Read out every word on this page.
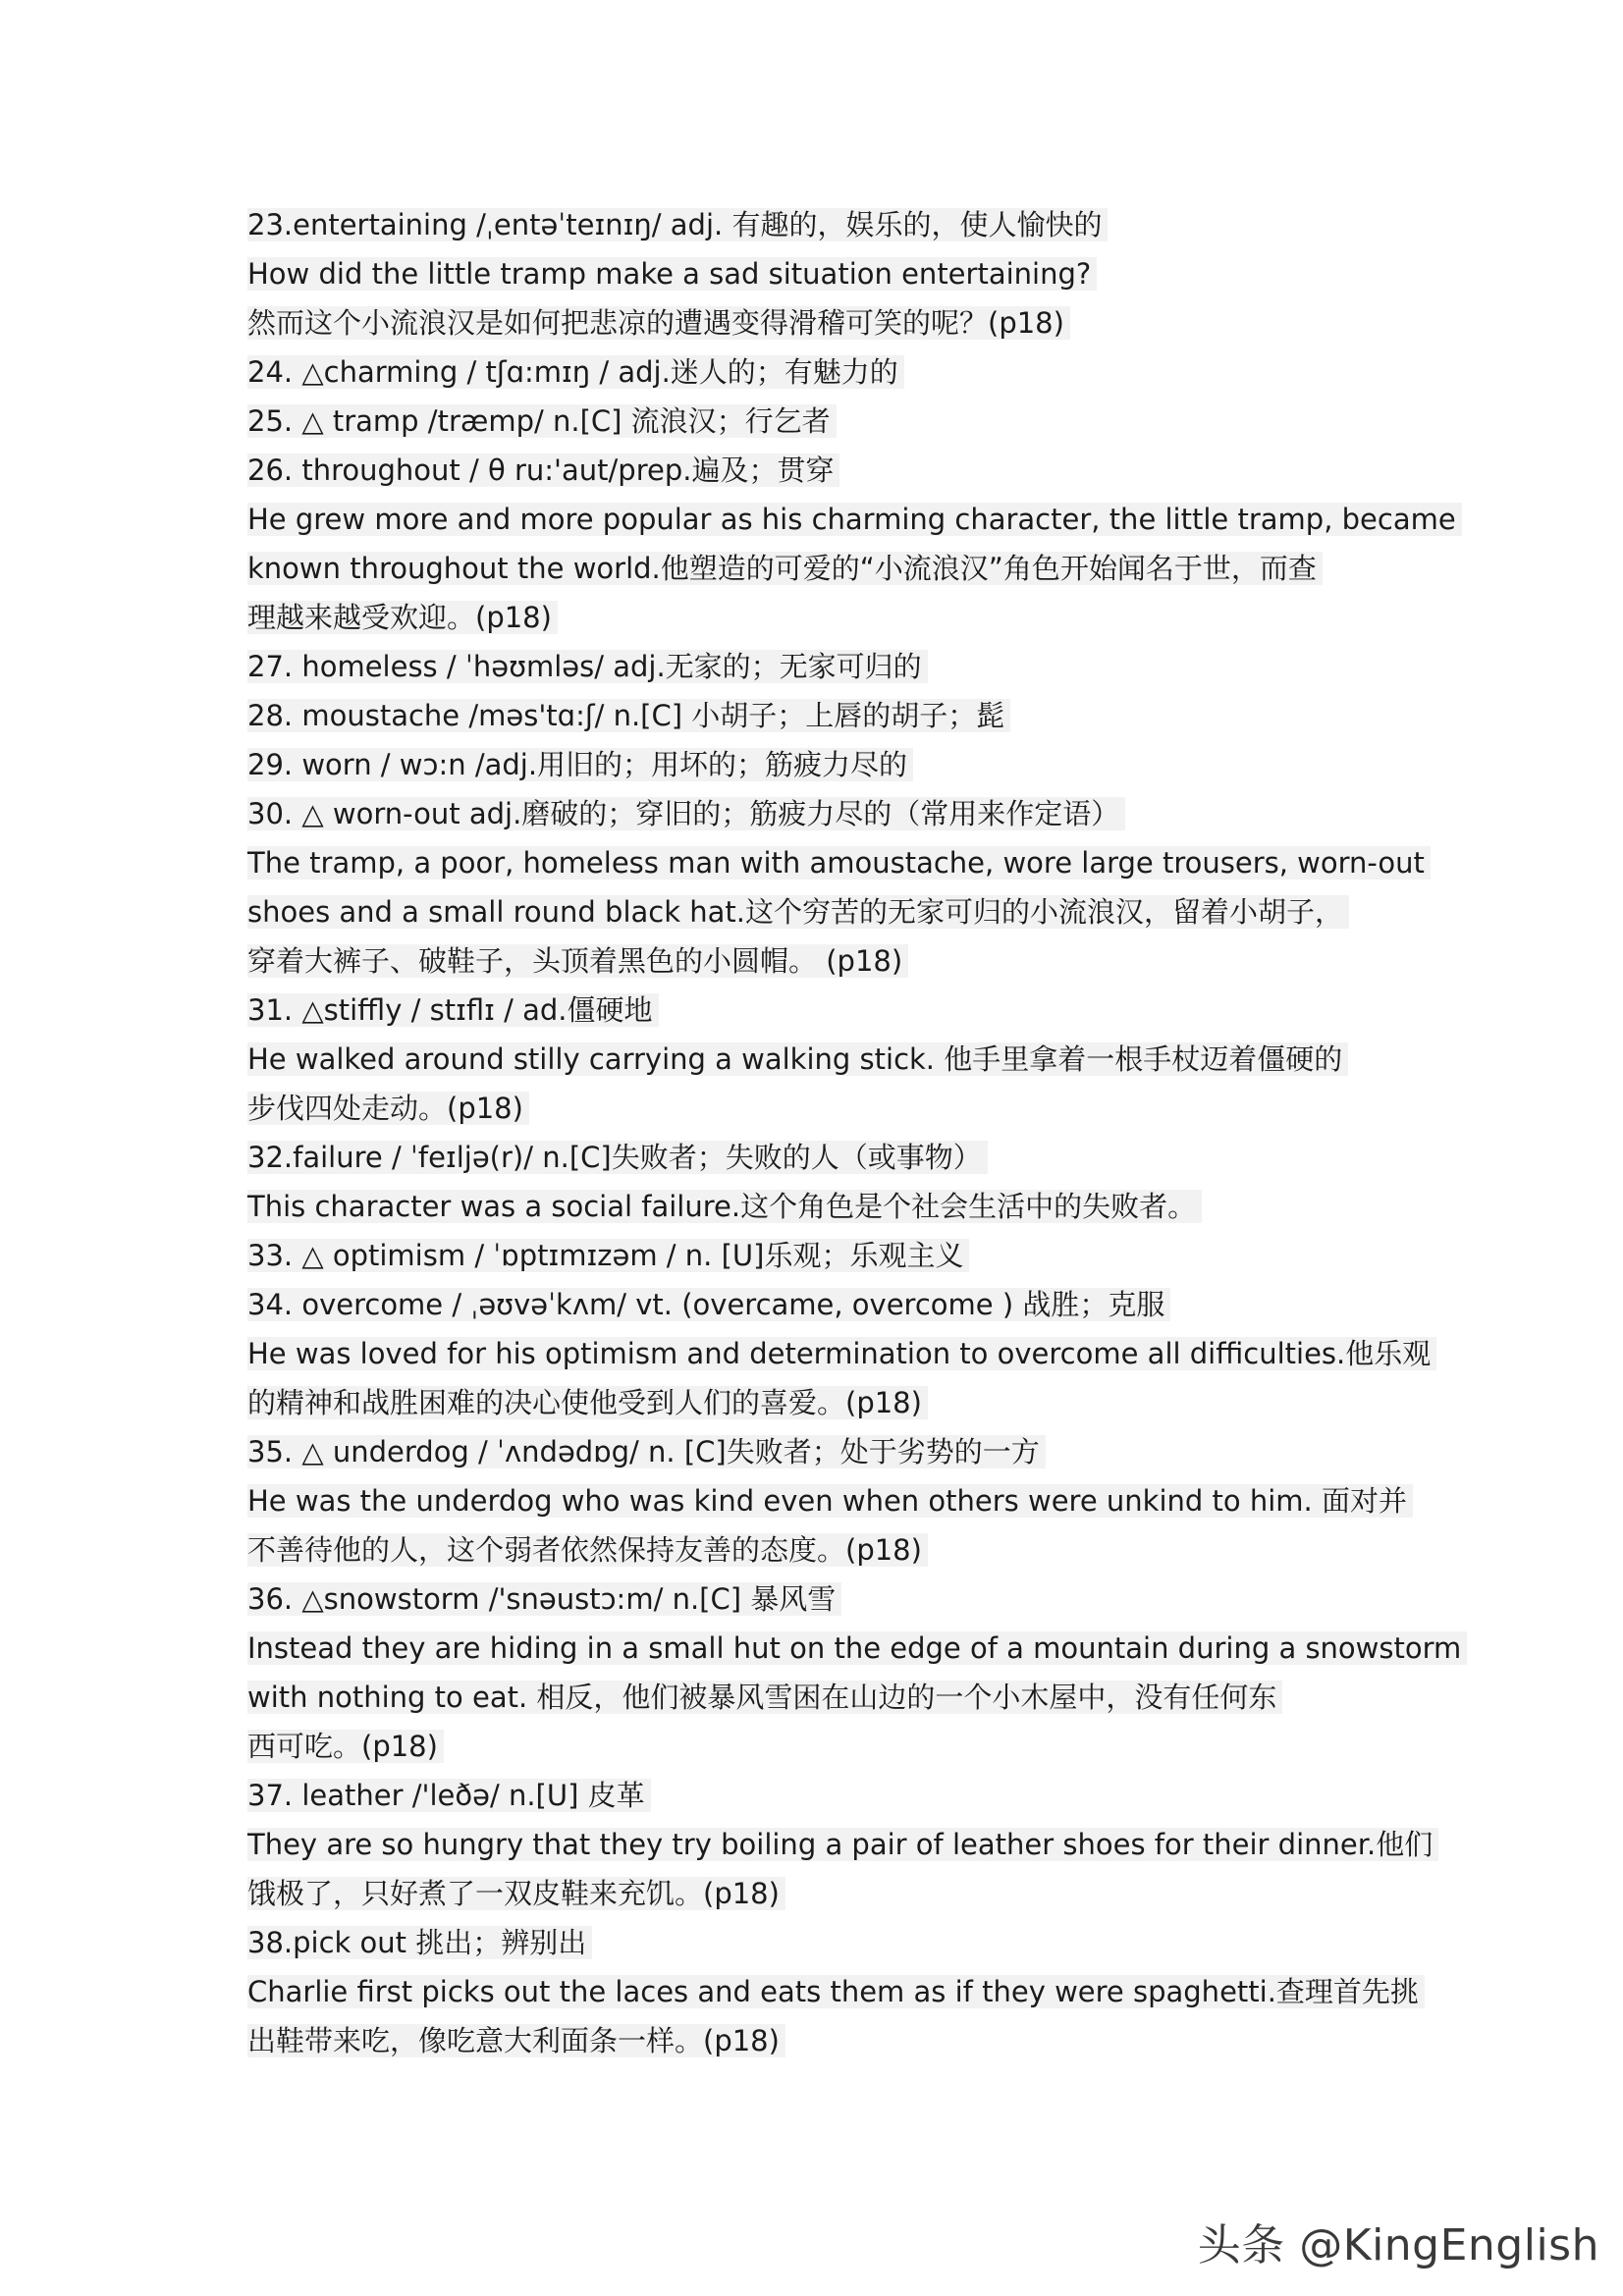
23.entertaining /ˌentəˈteɪnɪŋ/ adj. 有趣的，娱乐的，使人愉快的
How did the little tramp make a sad situation entertaining?
然而这个小流浪汉是如何把悲凉的遭遇变得滑稽可笑的呢？(p18)
24. △charming / tʃɑ:mɪŋ / adj.迷人的；有魅力的
25. △ tramp /træmp/ n.[C] 流浪汉；行乞者
26. throughout / θ ru:'aut/prep.遍及；贯穿
He grew more and more popular as his charming character, the little tramp, became
known throughout the world.他塑造的可爱的“小流浪汉”角色开始闻名于世，而查
理越来越受欢迎。(p18)
27. homeless / ˈhəʊmləs/ adj.无家的；无家可归的
28. moustache /məs'tɑ:ʃ/ n.[C] 小胡子；上唇的胡子；髭
29. worn / wɔ:n /adj.用旧的；用坏的；筋疲力尽的
30. △ worn-out adj.磨破的；穿旧的；筋疲力尽的（常用来作定语）
The tramp, a poor, homeless man with amoustache, wore large trousers, worn-out
shoes and a small round black hat.这个穷苦的无家可归的小流浪汉，留着小胡子，
穿着大裤子、破鞋子，头顶着黑色的小圆帽。 (p18)
31. △stiffly / stɪflɪ / ad.僵硬地
He walked around stilly carrying a walking stick. 他手里拿着一根手杖迈着僵硬的
步伐四处走动。(p18)
32.failure / ˈfeɪljə(r)/ n.[C]失败者；失败的人（或事物）
This character was a social failure.这个角色是个社会生活中的失败者。
33. △ optimism / ˈɒptɪmɪzəm / n. [U]乐观；乐观主义
34. overcome / ˌəʊvəˈkʌm/ vt. (overcame, overcome ) 战胜；克服
He was loved for his optimism and determination to overcome all difficulties.他乐观
的精神和战胜困难的决心使他受到人们的喜爱。(p18)
35. △ underdog / ˈʌndədɒg/ n. [C]失败者；处于劣势的一方
He was the underdog who was kind even when others were unkind to him. 面对并
不善待他的人，这个弱者依然保持友善的态度。(p18)
36. △snowstorm /'snəustɔ:m/ n.[C] 暴风雪
Instead they are hiding in a small hut on the edge of a mountain during a snowstorm
with nothing to eat. 相反，他们被暴风雪困在山边的一个小木屋中，没有任何东
西可吃。(p18)
37. leather /'leðə/ n.[U] 皮革
They are so hungry that they try boiling a pair of leather shoes for their dinner.他们
饿极了，只好煮了一双皮鞋来充饥。(p18)
38.pick out 挑出；辨别出
Charlie first picks out the laces and eats them as if they were spaghetti.查理首先挑
出鞋带来吃，像吃意大利面条一样。(p18)
头条 @KingEnglish
